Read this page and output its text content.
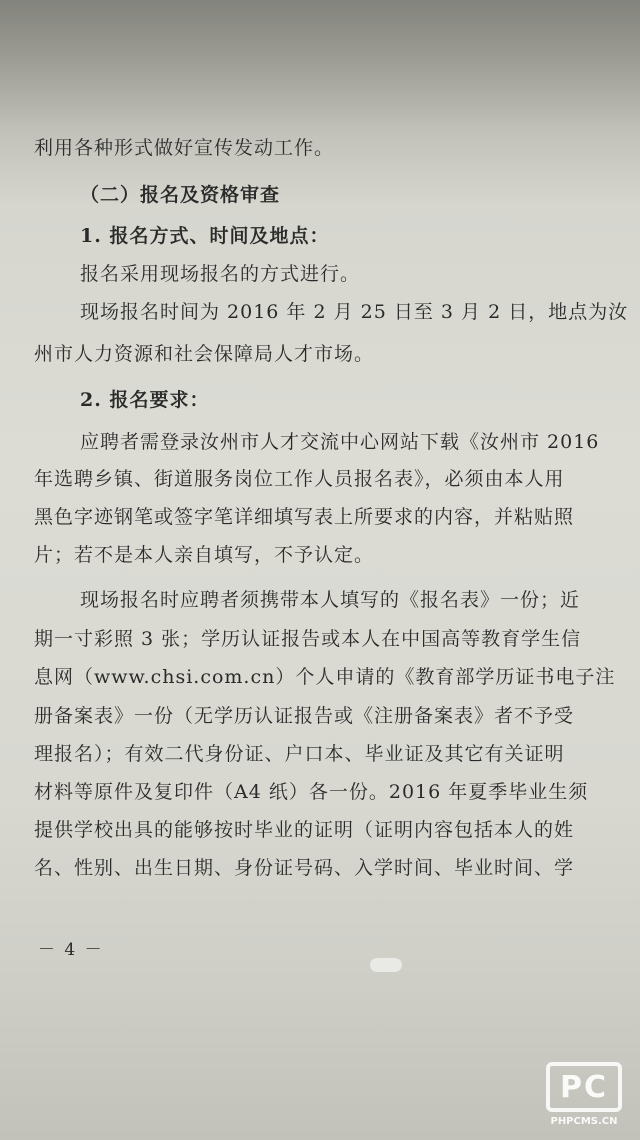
利用各种形式做好宣传发动工作。
（二）报名及资格审查
1. 报名方式、时间及地点：
报名采用现场报名的方式进行。
现场报名时间为 2016 年 2 月 25 日至 3 月 2 日，地点为汝
州市人力资源和社会保障局人才市场。
2. 报名要求：
应聘者需登录汝州市人才交流中心网站下载《汝州市 2016
年选聘乡镇、街道服务岗位工作人员报名表》，必须由本人用
黑色字迹钢笔或签字笔详细填写表上所要求的内容，并粘贴照
片；若不是本人亲自填写，不予认定。
现场报名时应聘者须携带本人填写的《报名表》一份；近
期一寸彩照 3 张；学历认证报告或本人在中国高等教育学生信
息网（www.chsi.com.cn）个人申请的《教育部学历证书电子注
册备案表》一份（无学历认证报告或《注册备案表》者不予受
理报名）；有效二代身份证、户口本、毕业证及其它有关证明
材料等原件及复印件（A4 纸）各一份。2016 年夏季毕业生须
提供学校出具的能够按时毕业的证明（证明内容包括本人的姓
名、性别、出生日期、身份证号码、入学时间、毕业时间、学
－ 4 －
PC
PHPCMS.CN
